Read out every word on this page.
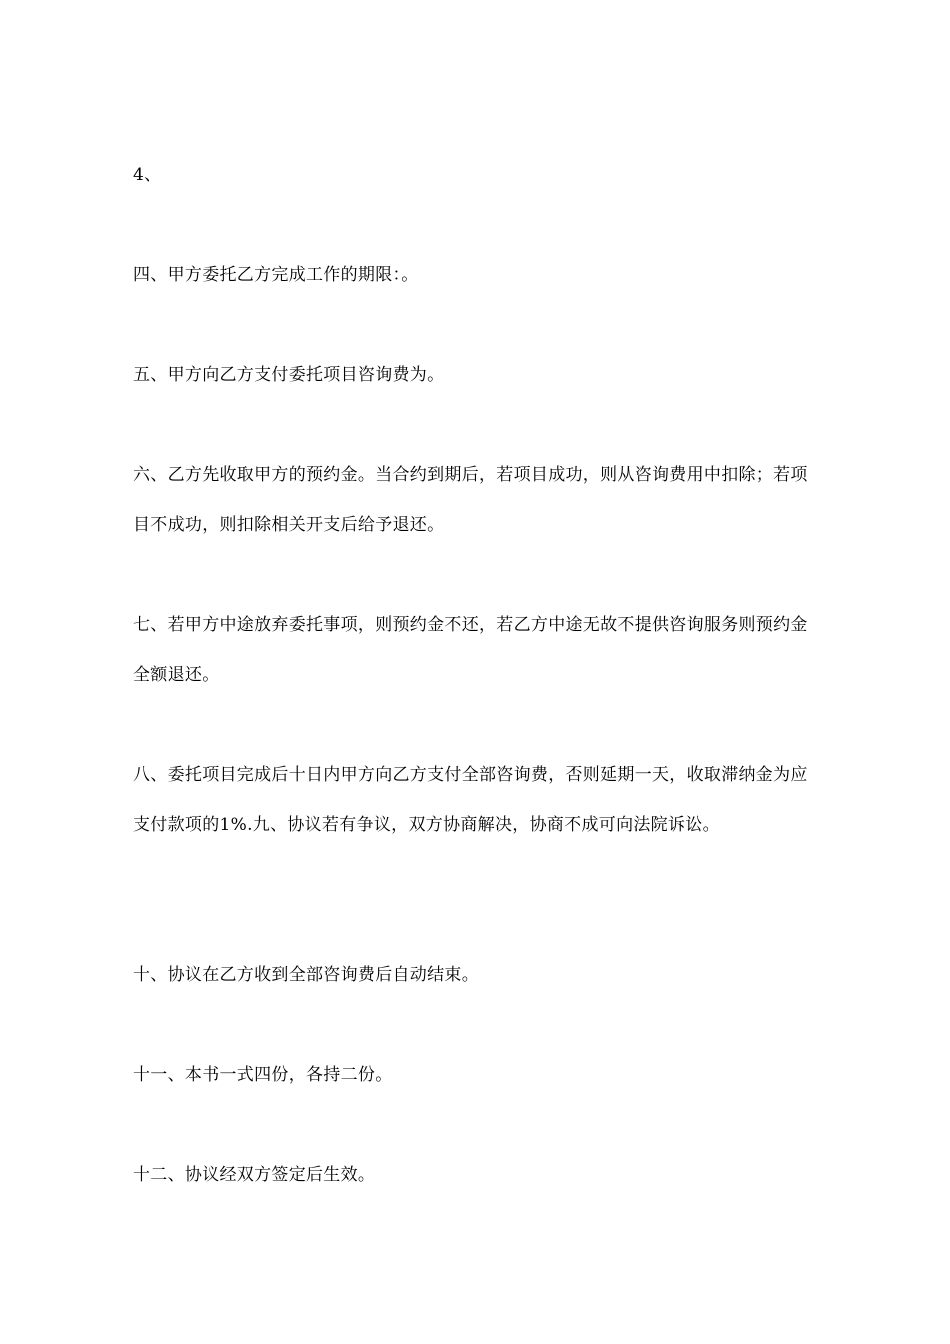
4、

四、甲方委托乙方完成工作的期限：。

五、甲方向乙方支付委托项目咨询费为。

六、乙方先收取甲方的预约金。当合约到期后，若项目成功，则从咨询费用中扣除；若项目不成功，则扣除相关开支后给予退还。

七、若甲方中途放弃委托事项，则预约金不还，若乙方中途无故不提供咨询服务则预约金全额退还。

八、委托项目完成后十日内甲方向乙方支付全部咨询费，否则延期一天，收取滞纳金为应支付款项的1%.九、协议若有争议，双方协商解决，协商不成可向法院诉讼。

十、协议在乙方收到全部咨询费后自动结束。

十一、本书一式四份，各持二份。

十二、协议经双方签定后生效。
